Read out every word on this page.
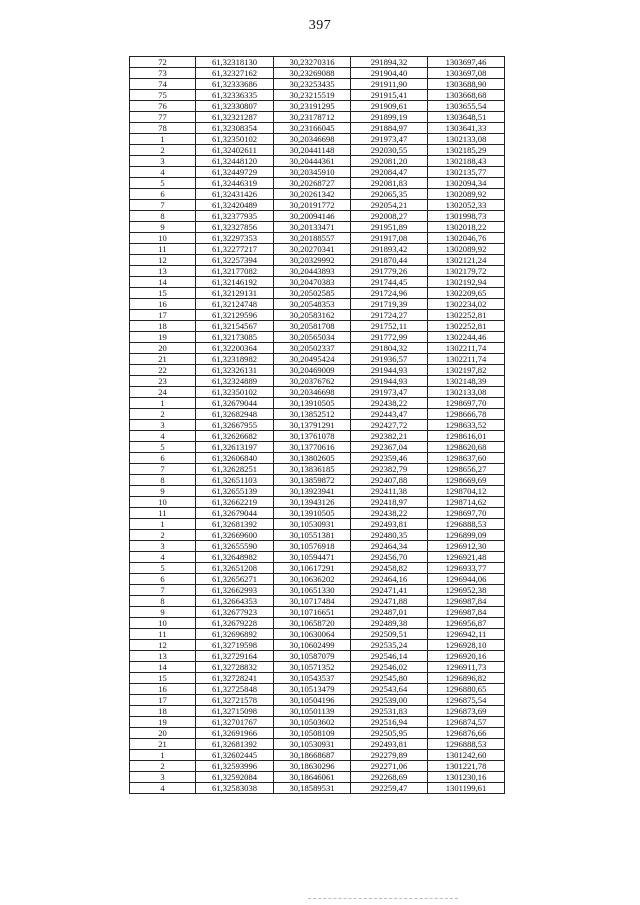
397
72	61,32318130	30,23270316	291894,32	1303697,46
73	61,32327162	30,23269088	291904,40	1303697,08
74	61,32333686	30,23253435	291911,90	1303688,90
75	61,32336335	30,23215519	291915,41	1303668,68
76	61,32330807	30,23191295	291909,61	1303655,54
77	61,32321287	30,23178712	291899,19	1303648,51
78	61,32308354	30,23166045	291884,97	1303641,33
1	61,32350102	30,20346698	291973,47	1302133,08
2	61,32402611	30,20441148	292030,55	1302185,29
3	61,32448120	30,20444361	292081,20	1302188,43
4	61,32449729	30,20345910	292084,47	1302135,77
5	61,32446319	30,20268727	292081,83	1302094,34
6	61,32431426	30,20261342	292065,35	1302089,92
7	61,32420489	30,20191772	292054,21	1302052,33
8	61,32377935	30,20094146	292008,27	1301998,73
9	61,32327856	30,20133471	291951,89	1302018,22
10	61,32297353	30,20188557	291917,08	1302046,76
11	61,32277217	30,20270341	291893,42	1302089,92
12	61,32257394	30,20329992	291870,44	1302121,24
13	61,32177082	30,20443893	291779,26	1302179,72
14	61,32146192	30,20470383	291744,45	1302192,94
15	61,32129131	30,20502585	291724,96	1302209,65
16	61,32124748	30,20548353	291719,39	1302234,02
17	61,32129596	30,20583162	291724,27	1302252,81
18	61,32154567	30,20581708	291752,11	1302252,81
19	61,32173085	30,20565034	291772,99	1302244,46
20	61,32200364	30,20502337	291804,32	1302211,74
21	61,32318982	30,20495424	291936,57	1302211,74
22	61,32326131	30,20469009	291944,93	1302197,82
23	61,32324889	30,20376762	291944,93	1302148,39
24	61,32350102	30,20346698	291973,47	1302133,08
1	61,32679044	30,13910505	292438,22	1298697,70
2	61,32682948	30,13852512	292443,47	1298666,78
3	61,32667955	30,13791291	292427,72	1298633,52
4	61,32626682	30,13761078	292382,21	1298616,01
5	61,32613197	30,13770616	292367,04	1298620,68
6	61,32606840	30,13802605	292359,46	1298637,60
7	61,32628251	30,13836185	292382,79	1298656,27
8	61,32651103	30,13859872	292407,88	1298669,69
9	61,32655139	30,13923941	292411,38	1298704,12
10	61,32662219	30,13943126	292418,97	1298714,62
11	61,32679044	30,13910505	292438,22	1298697,70
1	61,32681392	30,10530931	292493,81	1296888,53
2	61,32669600	30,10551381	292480,35	1296899,09
3	61,32655590	30,10576918	292464,34	1296912,30
4	61,32648982	30,10594471	292456,70	1296921,48
5	61,32651208	30,10617291	292458,82	1296933,77
6	61,32656271	30,10636202	292464,16	1296944,06
7	61,32662993	30,10651330	292471,41	1296952,38
8	61,32664353	30,10717484	292471,88	1296987,84
9	61,32677923	30,10716651	292487,01	1296987,84
10	61,32679228	30,10658720	292489,38	1296956,87
11	61,32696892	30,10630064	292509,51	1296942,11
12	61,32719598	30,10602499	292535,24	1296928,10
13	61,32729164	30,10587079	292546,14	1296920,16
14	61,32728832	30,10571352	292546,02	1296911,73
15	61,32728241	30,10543537	292545,80	1296896,82
16	61,32725848	30,10513479	292543,64	1296880,65
17	61,32721578	30,10504196	292539,00	1296875,54
18	61,32715098	30,10501139	292531,83	1296873,69
19	61,32701767	30,10503602	292516,94	1296874,57
20	61,32691966	30,10508109	292505,95	1296876,66
21	61,32681392	30,10530931	292493,81	1296888,53
1	61,32602445	30,18668687	292279,89	1301242,60
2	61,32593996	30,18630296	292271,06	1301221,78
3	61,32592084	30,18646061	292268,69	1301230,16
4	61,32583038	30,18589531	292259,47	1301199,61
